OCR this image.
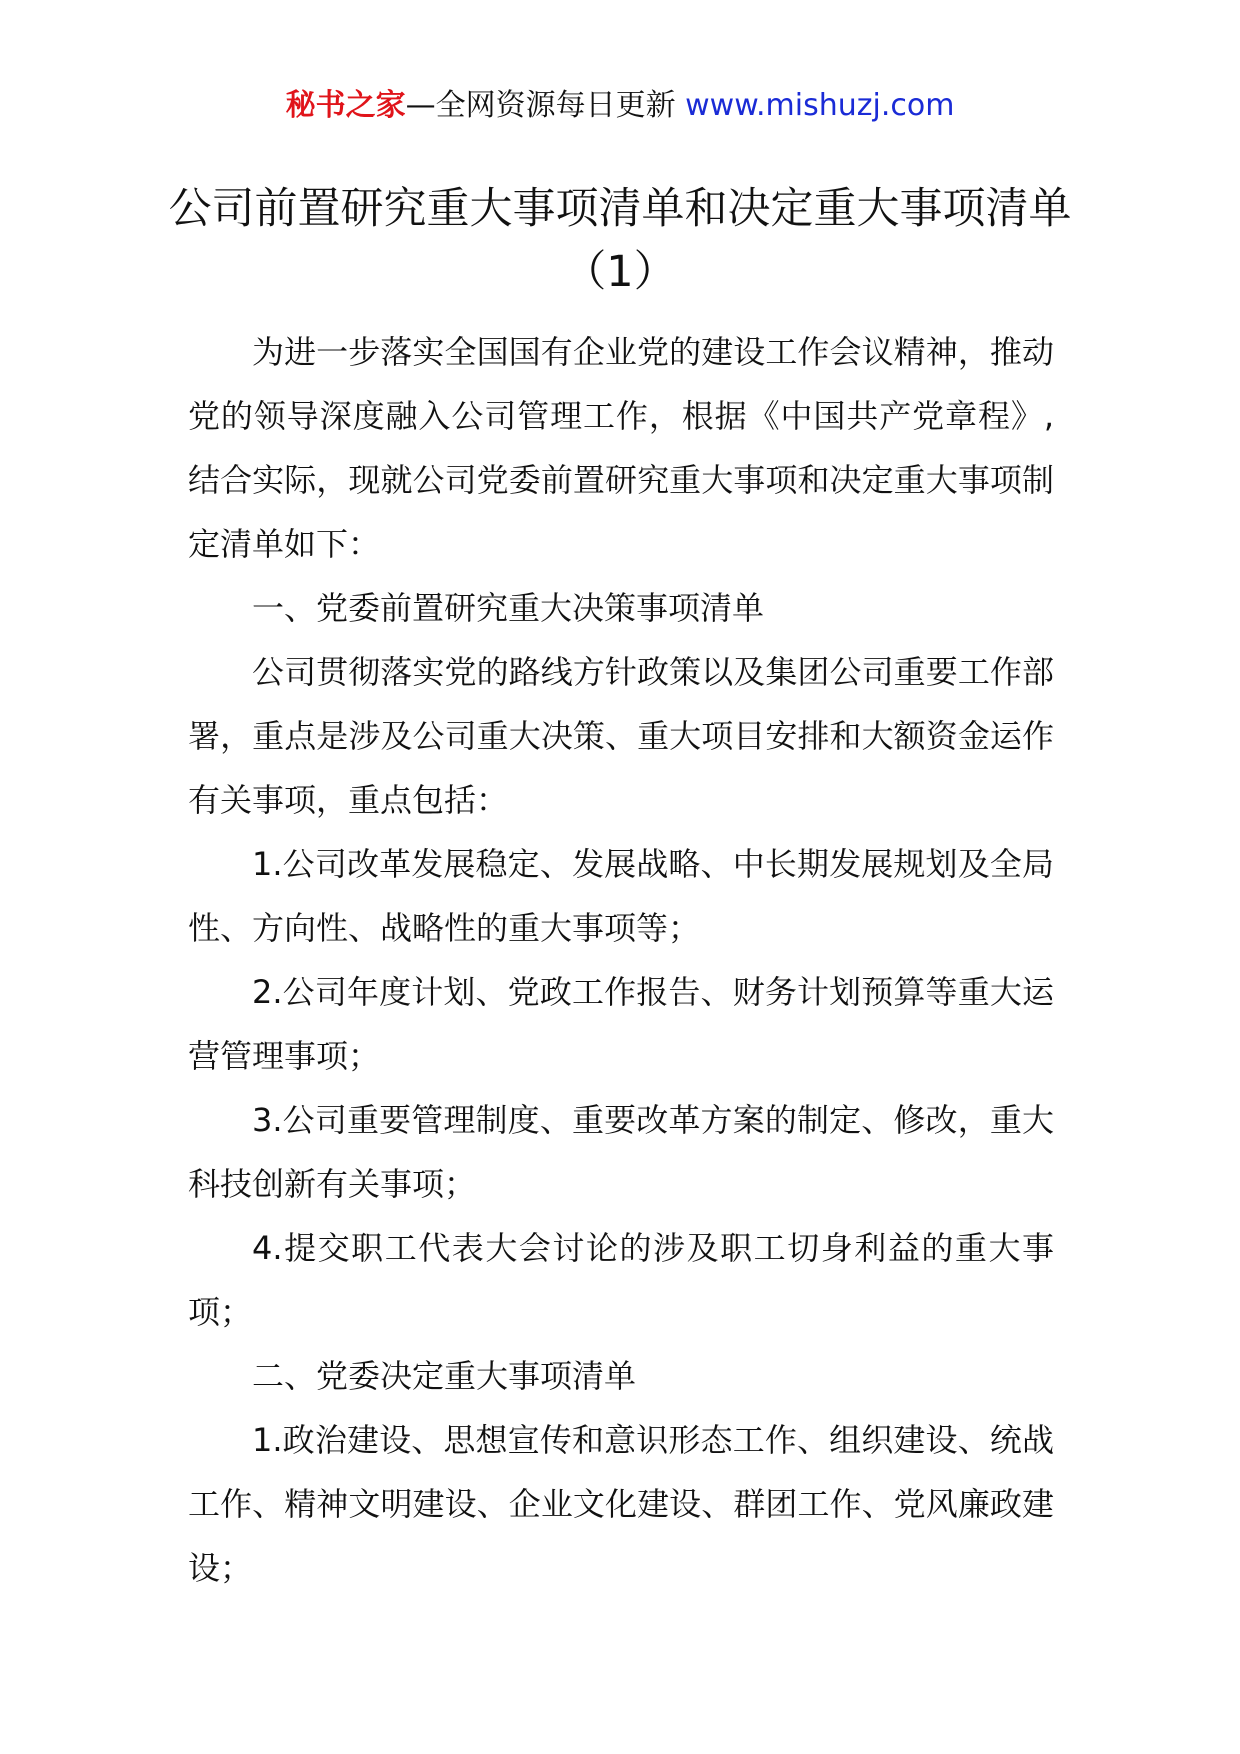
秘书之家—全网资源每日更新 www.mishuzj.com
公司前置研究重大事项清单和决定重大事项清单（1）

为进一步落实全国国有企业党的建设工作会议精神，推动党的领导深度融入公司管理工作，根据《中国共产党章程》,结合实际，现就公司党委前置研究重大事项和决定重大事项制定清单如下：

一、党委前置研究重大决策事项清单

公司贯彻落实党的路线方针政策以及集团公司重要工作部署，重点是涉及公司重大决策、重大项目安排和大额资金运作有关事项，重点包括：

1.公司改革发展稳定、发展战略、中长期发展规划及全局性、方向性、战略性的重大事项等；

2.公司年度计划、党政工作报告、财务计划预算等重大运营管理事项；

3.公司重要管理制度、重要改革方案的制定、修改，重大科技创新有关事项；

4.提交职工代表大会讨论的涉及职工切身利益的重大事项；

二、党委决定重大事项清单

1.政治建设、思想宣传和意识形态工作、组织建设、统战工作、精神文明建设、企业文化建设、群团工作、党风廉政建设；
